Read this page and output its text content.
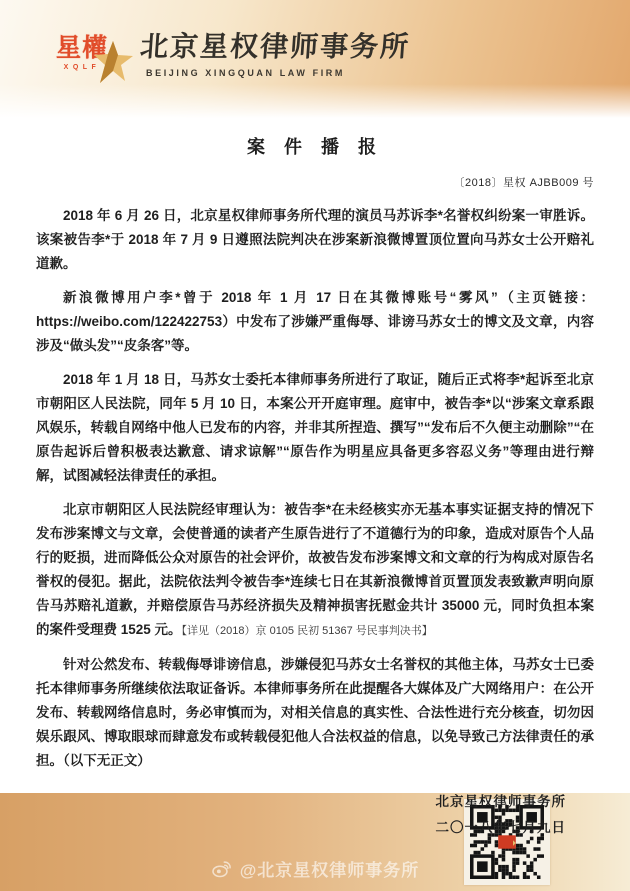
星權
XQLF
北京星权律师事务所
BEIJING XINGQUAN LAW FIRM
案 件 播 报
〔2018〕星权 AJBB009 号

2018 年 6 月 26 日，北京星权律师事务所代理的演员马苏诉李*名誉权纠纷案一审胜诉。该案被告李*于 2018 年 7 月 9 日遵照法院判决在涉案新浪微博置顶位置向马苏女士公开赔礼道歉。

新浪微博用户李*曾于 2018 年 1 月 17 日在其微博账号“雾风”（主页链接：https://weibo.com/122422753）中发布了涉嫌严重侮辱、诽谤马苏女士的博文及文章，内容涉及“做头发”“皮条客”等。

2018 年 1 月 18 日，马苏女士委托本律师事务所进行了取证，随后正式将李*起诉至北京市朝阳区人民法院，同年 5 月 10 日，本案公开开庭审理。庭审中，被告李*以“涉案文章系跟风娱乐，转载自网络中他人已发布的内容，并非其所捏造、撰写”“发布后不久便主动删除”“在原告起诉后曾积极表达歉意、请求谅解”“原告作为明星应具备更多容忍义务”等理由进行辩解，试图减轻法律责任的承担。

北京市朝阳区人民法院经审理认为：被告李*在未经核实亦无基本事实证据支持的情况下发布涉案博文与文章，会使普通的读者产生原告进行了不道德行为的印象，造成对原告个人品行的贬损，进而降低公众对原告的社会评价，故被告发布涉案博文和文章的行为构成对原告名誉权的侵犯。据此，法院依法判令被告李*连续七日在其新浪微博首页置顶发表致歉声明向原告马苏赔礼道歉，并赔偿原告马苏经济损失及精神损害抚慰金共计 35000 元，同时负担本案的案件受理费 1525 元。【详见（2018）京 0105 民初 51367 号民事判决书】

针对公然发布、转载侮辱诽谤信息，涉嫌侵犯马苏女士名誉权的其他主体，马苏女士已委托本律师事务所继续依法取证备诉。本律师事务所在此提醒各大媒体及广大网络用户：在公开发布、转载网络信息时，务必审慎而为，对相关信息的真实性、合法性进行充分核查，切勿因娱乐跟风、博取眼球而肆意发布或转载侵犯他人合法权益的信息，以免导致己方法律责任的承担。（以下无正文）

北京星权律师事务所
二〇一八年七月九日
@北京星权律师事务所
